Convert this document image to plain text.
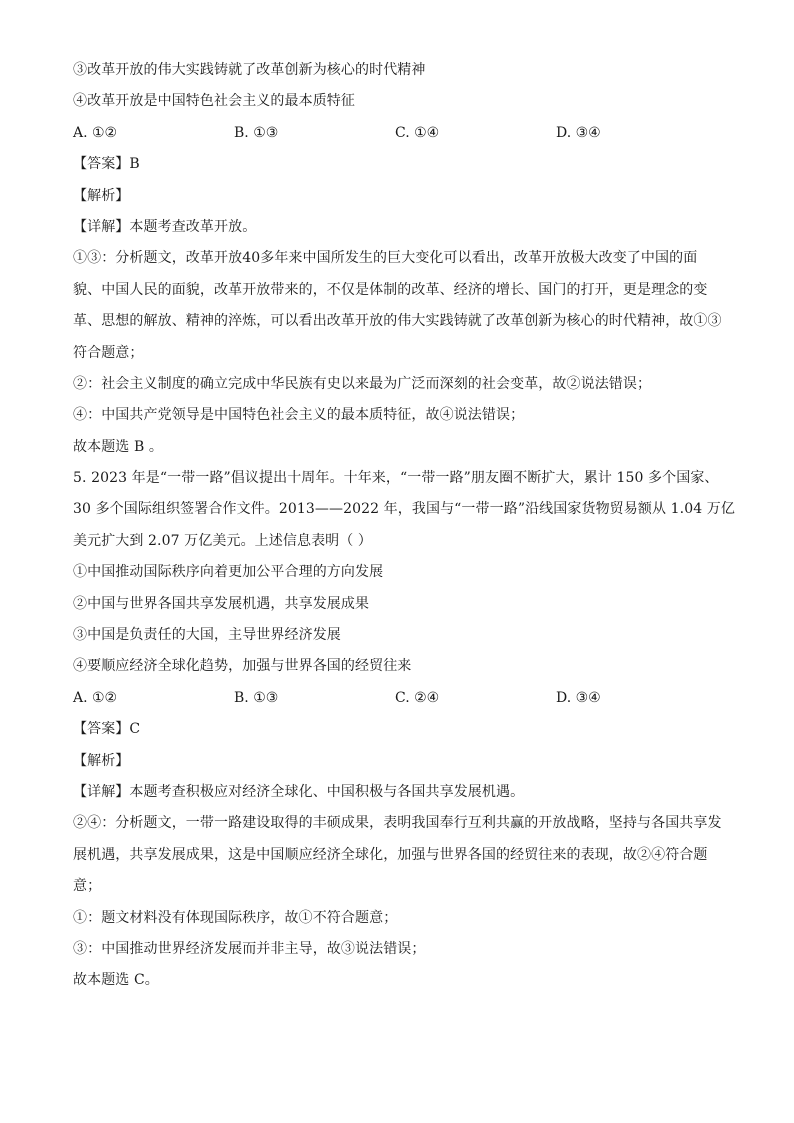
③改革开放的伟大实践铸就了改革创新为核心的时代精神
④改革开放是中国特色社会主义的最本质特征
A. ①②	B. ①③	C. ①④	D. ③④
【答案】B
【解析】
【详解】本题考查改革开放。
①③：分析题文，改革开放40多年来中国所发生的巨大变化可以看出，改革开放极大改变了中国的面
貌、中国人民的面貌，改革开放带来的，不仅是体制的改革、经济的增长、国门的打开，更是理念的变
革、思想的解放、精神的淬炼，可以看出改革开放的伟大实践铸就了改革创新为核心的时代精神，故①③
符合题意；
②：社会主义制度的确立完成中华民族有史以来最为广泛而深刻的社会变革，故②说法错误；
④：中国共产党领导是中国特色社会主义的最本质特征，故④说法错误；
故本题选 B 。
5. 2023 年是“一带一路”倡议提出十周年。十年来，“一带一路”朋友圈不断扩大，累计 150 多个国家、
30 多个国际组织签署合作文件。2013——2022 年，我国与“一带一路”沿线国家货物贸易额从 1.04 万亿
美元扩大到 2.07 万亿美元。上述信息表明（ ）
①中国推动国际秩序向着更加公平合理的方向发展
②中国与世界各国共享发展机遇，共享发展成果
③中国是负责任的大国，主导世界经济发展
④要顺应经济全球化趋势，加强与世界各国的经贸往来
A. ①②	B. ①③	C. ②④	D. ③④
【答案】C
【解析】
【详解】本题考查积极应对经济全球化、中国积极与各国共享发展机遇。
②④：分析题文，一带一路建设取得的丰硕成果，表明我国奉行互利共赢的开放战略，坚持与各国共享发
展机遇，共享发展成果，这是中国顺应经济全球化，加强与世界各国的经贸往来的表现，故②④符合题
意；
①：题文材料没有体现国际秩序，故①不符合题意；
③：中国推动世界经济发展而并非主导，故③说法错误；
故本题选 C。
